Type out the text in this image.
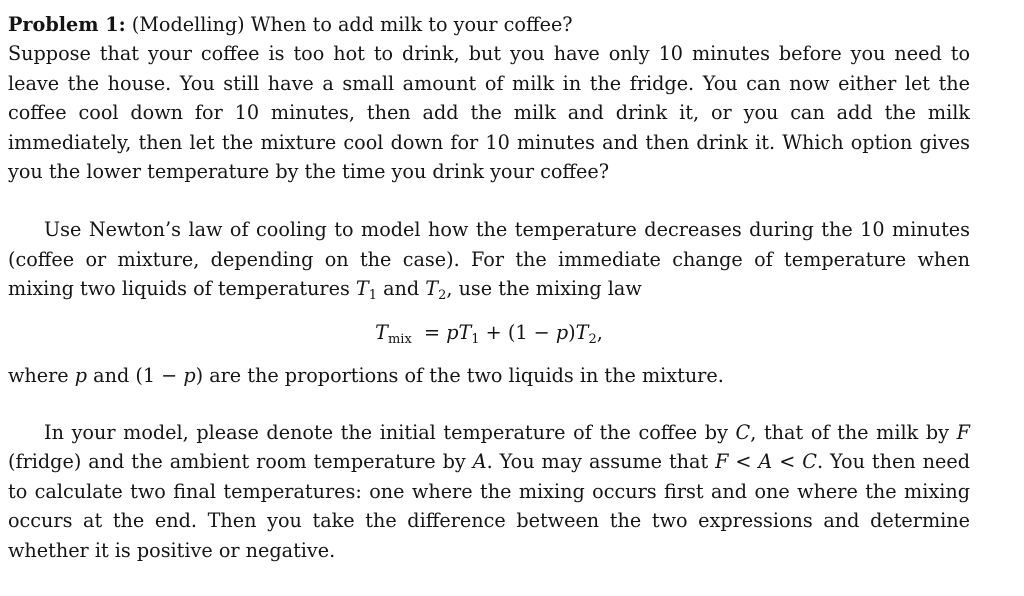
Problem 1: (Modelling) When to add milk to your coffee?
Suppose that your coffee is too hot to drink, but you have only 10 minutes before you need to leave the house. You still have a small amount of milk in the fridge. You can now either let the coffee cool down for 10 minutes, then add the milk and drink it, or you can add the milk immediately, then let the mixture cool down for 10 minutes and then drink it. Which option gives you the lower temperature by the time you drink your coffee?

Use Newton’s law of cooling to model how the temperature decreases during the 10 minutes (coffee or mixture, depending on the case). For the immediate change of temperature when mixing two liquids of temperatures $T_1$ and $T_2$, use the mixing law

$T_{mix} = pT_1 + (1 - p)T_2$,

where p and (1 − p) are the proportions of the two liquids in the mixture.

In your model, please denote the initial temperature of the coffee by C, that of the milk by F (fridge) and the ambient room temperature by A. You may assume that F < A < C. You then need to calculate two final temperatures: one where the mixing occurs first and one where the mixing occurs at the end. Then you take the difference between the two expressions and determine whether it is positive or negative.
